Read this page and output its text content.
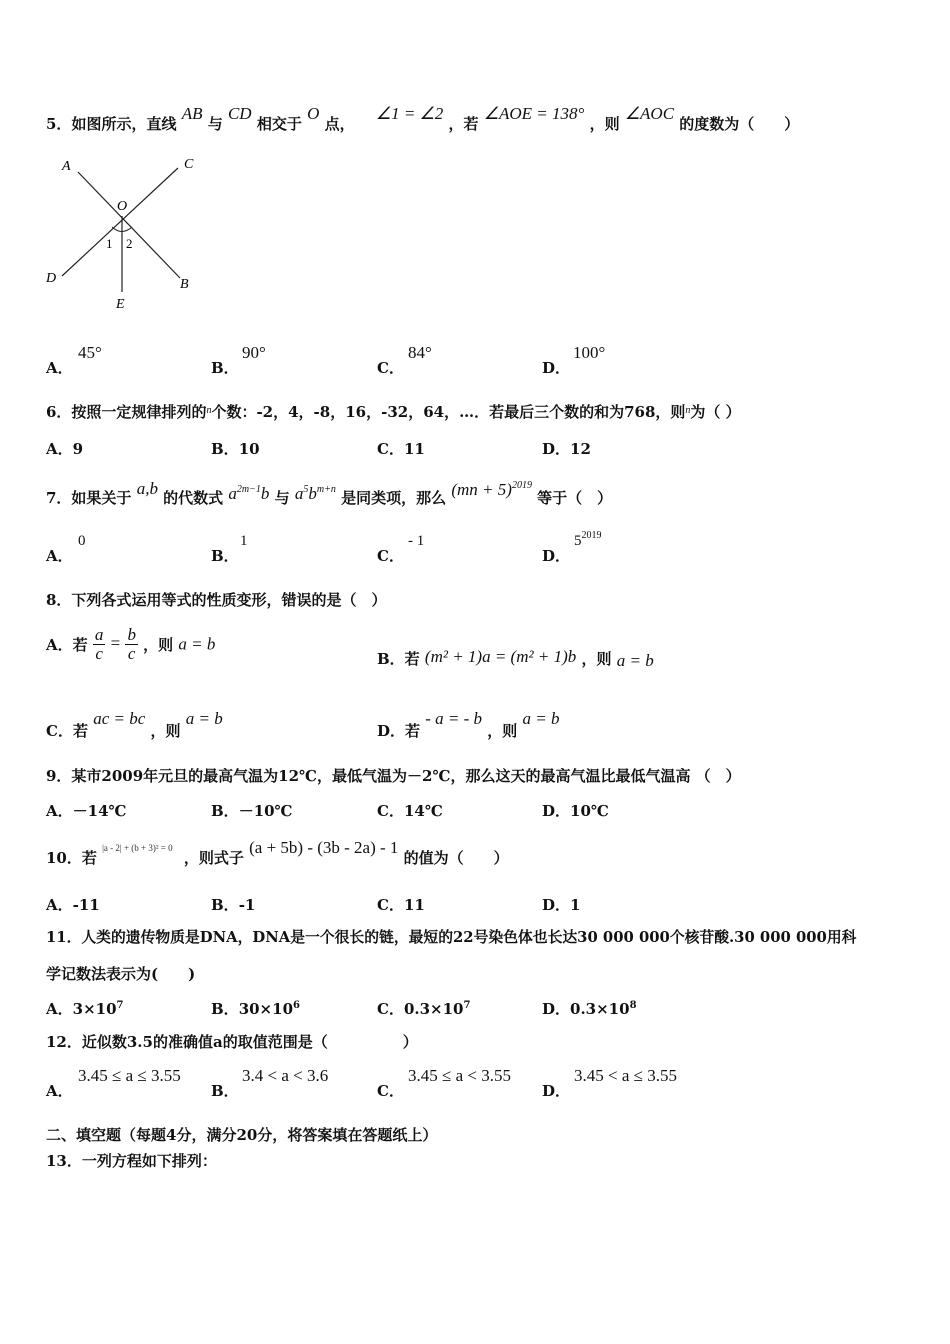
5．如图所示，直线 AB 与 CD 相交于 O 点， ∠1 = ∠2 ，若 ∠AOE = 138° ，则 ∠AOC 的度数为（　　）
A	C
O
D	B
E
1 2
A．
45°
B．
90°
C．
84°
D．
100°
6．按照一定规律排列的$^n$个数：-2，4，-8，16，-32，64，…．若最后三个数的和为768，则$^n$为（ ）
A．9	B．10	C．11	D．12
7．如果关于 a,b 的代数式 $a^{2m-1}b$ 与 $a^5b^{m+n}$ 是同类项，那么 (mn + 5)$^{2019}$ 等于（　）
A．
0
B．
1
C．
- 1
D．
$5^{2019}$
8．下列各式运用等式的性质变形，错误的是（　）
A．若 $\frac{a}{c} = \frac{b}{c}$ ，则 a = b
B．若 (m² + 1)a = (m² + 1)b ，则 a = b
C．若 ac = bc ，则 a = b
D．若 - a = - b ，则 a = b
9．某市2009年元旦的最高气温为12℃，最低气温为－2℃，那么这天的最高气温比最低气温高 （　）
A．－14℃	B．－10℃	C．14℃	D．10℃
10．若 $^{|a - 2| + (b + 3)^2 = 0}$ ，则式子 (a + 5b) - (3b - 2a) - 1 的值为（　　）
A．-11	B．-1	C．11	D．1
11．人类的遗传物质是DNA，DNA是一个很长的链，最短的22号染色体也长达30 000 000个核苷酸.30 000 000用科
学记数法表示为(　　)
A．$3\times 10^7$	B．$30\times 10^6$	C．$0.3\times 10^7$	D．$0.3\times 10^8$
12．近似数3.5的准确值a的取值范围是（　　　　　）
A．
3.45 ≤ a ≤ 3.55
B．
3.4 < a < 3.6
C．
3.45 ≤ a < 3.55
D．
3.45 < a ≤ 3.55
二、填空题（每题4分，满分20分，将答案填在答题纸上）
13．一列方程如下排列：
